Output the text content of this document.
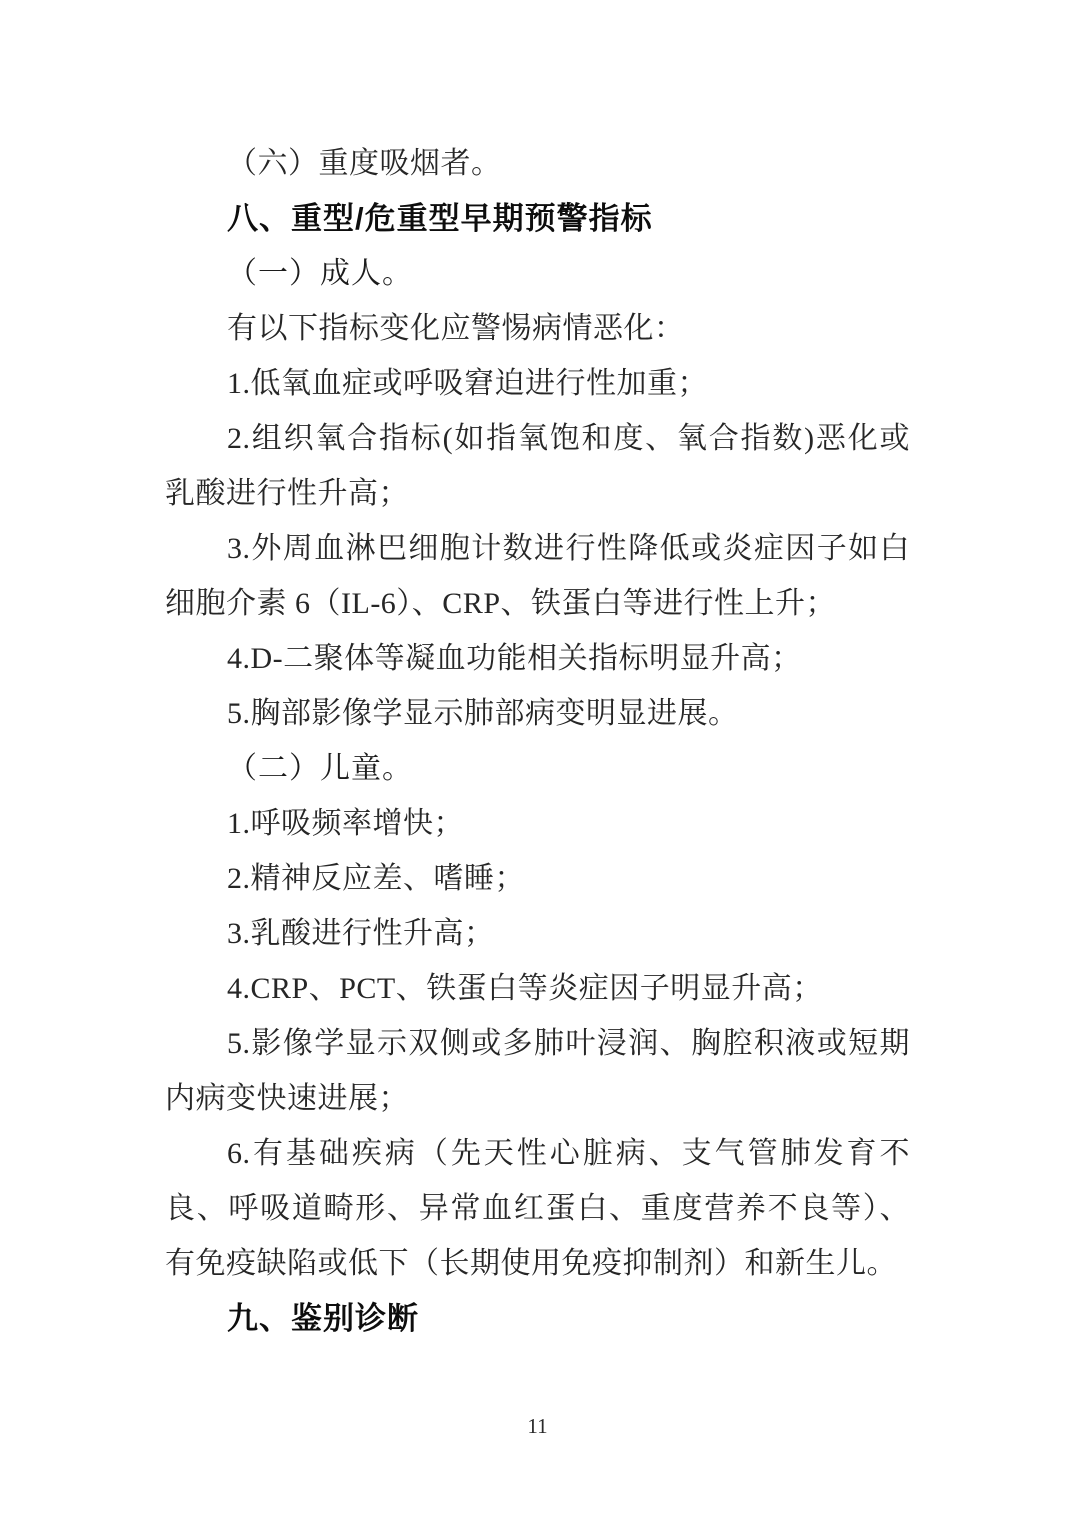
（六）重度吸烟者。
八、重型/危重型早期预警指标
（一）成人。
有以下指标变化应警惕病情恶化：
1.低氧血症或呼吸窘迫进行性加重；
2.组织氧合指标(如指氧饱和度、氧合指数)恶化或乳酸进行性升高；
3.外周血淋巴细胞计数进行性降低或炎症因子如白细胞介素 6（IL-6）、CRP、铁蛋白等进行性上升；
4.D-二聚体等凝血功能相关指标明显升高；
5.胸部影像学显示肺部病变明显进展。
（二）儿童。
1.呼吸频率增快；
2.精神反应差、嗜睡；
3.乳酸进行性升高；
4.CRP、PCT、铁蛋白等炎症因子明显升高；
5.影像学显示双侧或多肺叶浸润、胸腔积液或短期内病变快速进展；
6.有基础疾病（先天性心脏病、支气管肺发育不良、呼吸道畸形、异常血红蛋白、重度营养不良等）、有免疫缺陷或低下（长期使用免疫抑制剂）和新生儿。
九、鉴别诊断
11
